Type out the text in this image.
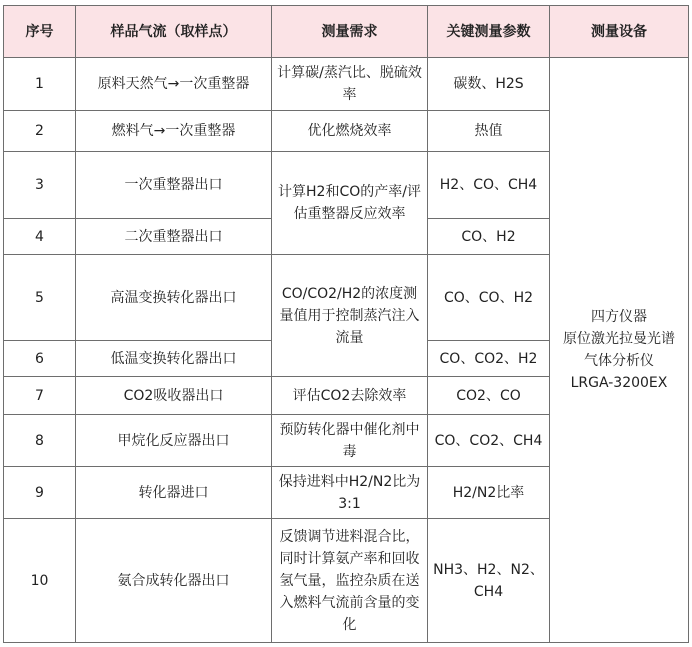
序号	样品气流（取样点）	测量需求	关键测量参数	测量设备
1	原料天然气→一次重整器	计算碳/蒸汽比、脱硫效率	碳数、H2S	四方仪器
原位激光拉曼光谱
气体分析仪
LRGA-3200EX

2	燃料气→一次重整器	优化燃烧效率	热值	
3	一次重整器出口	计算H2和CO的产率/评估重整器反应效率	H2、CO、CH4	
4	二次重整器出口		CO、H2	
5	高温变换转化器出口	CO/CO2/H2的浓度测量值用于控制蒸汽注入流量	CO、CO、H2	
6	低温变换转化器出口		CO、CO2、H2	
7	CO2吸收器出口	评估CO2去除效率	CO2、CO	
8	甲烷化反应器出口	预防转化器中催化剂中毒	CO、CO2、CH4	
9	转化器进口	保持进料中H2/N2比为3:1	H2/N2比率	
10	氨合成转化器出口	反馈调节进料混合比，同时计算氨产率和回收氢气量，监控杂质在送入燃料气流前含量的变化	NH3、H2、N2、CH4	
